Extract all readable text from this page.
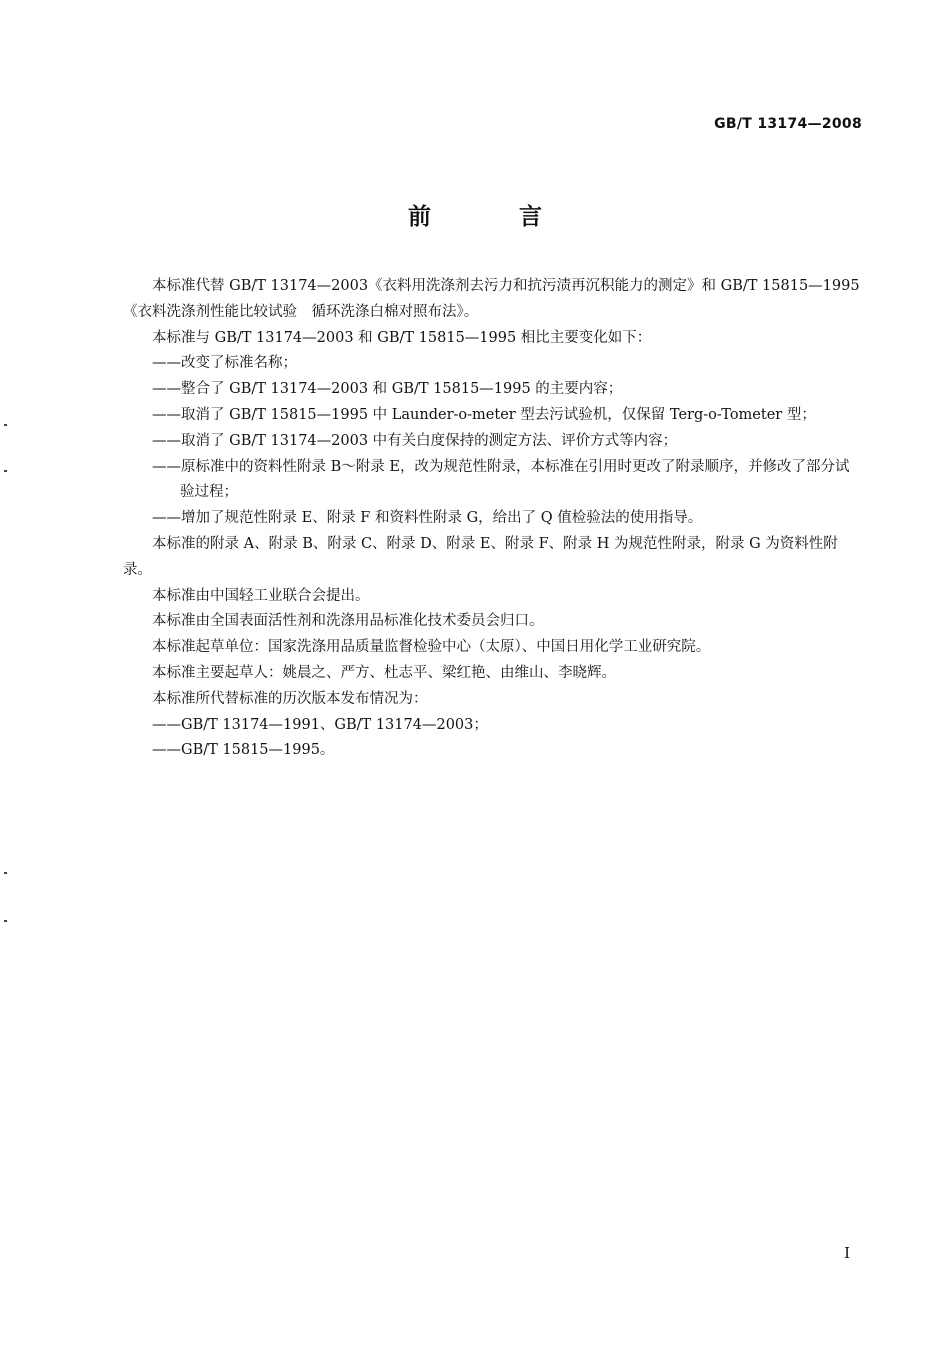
GB/T 13174—2008
前 言

本标准代替 GB/T 13174—2003《衣料用洗涤剂去污力和抗污渍再沉积能力的测定》和 GB/T 15815—1995《衣料洗涤剂性能比较试验　循环洗涤白棉对照布法》。

本标准与 GB/T 13174—2003 和 GB/T 15815—1995 相比主要变化如下：

——改变了标准名称；

——整合了 GB/T 13174—2003 和 GB/T 15815—1995 的主要内容；

——取消了 GB/T 15815—1995 中 Launder-o-meter 型去污试验机，仅保留 Terg-o-Tometer 型；

——取消了 GB/T 13174—2003 中有关白度保持的测定方法、评价方式等内容；

——原标准中的资料性附录 B～附录 E，改为规范性附录，本标准在引用时更改了附录顺序，并修改了部分试验过程；

——增加了规范性附录 E、附录 F 和资料性附录 G，给出了 Q 值检验法的使用指导。

本标准的附录 A、附录 B、附录 C、附录 D、附录 E、附录 F、附录 H 为规范性附录，附录 G 为资料性附录。

本标准由中国轻工业联合会提出。

本标准由全国表面活性剂和洗涤用品标准化技术委员会归口。

本标准起草单位：国家洗涤用品质量监督检验中心（太原）、中国日用化学工业研究院。

本标准主要起草人：姚晨之、严方、杜志平、梁红艳、由维山、李晓辉。

本标准所代替标准的历次版本发布情况为：

——GB/T 13174—1991、GB/T 13174—2003；

——GB/T 15815—1995。

I
